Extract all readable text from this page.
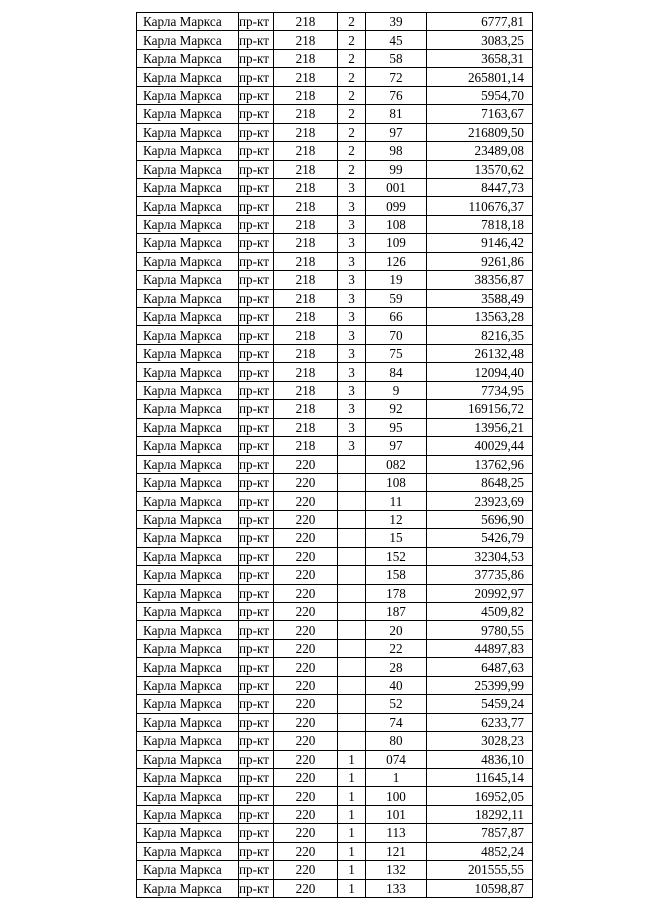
Карла Маркса	пр-кт	218	2	39	6777,81
Карла Маркса	пр-кт	218	2	45	3083,25
Карла Маркса	пр-кт	218	2	58	3658,31
Карла Маркса	пр-кт	218	2	72	265801,14
Карла Маркса	пр-кт	218	2	76	5954,70
Карла Маркса	пр-кт	218	2	81	7163,67
Карла Маркса	пр-кт	218	2	97	216809,50
Карла Маркса	пр-кт	218	2	98	23489,08
Карла Маркса	пр-кт	218	2	99	13570,62
Карла Маркса	пр-кт	218	3	001	8447,73
Карла Маркса	пр-кт	218	3	099	110676,37
Карла Маркса	пр-кт	218	3	108	7818,18
Карла Маркса	пр-кт	218	3	109	9146,42
Карла Маркса	пр-кт	218	3	126	9261,86
Карла Маркса	пр-кт	218	3	19	38356,87
Карла Маркса	пр-кт	218	3	59	3588,49
Карла Маркса	пр-кт	218	3	66	13563,28
Карла Маркса	пр-кт	218	3	70	8216,35
Карла Маркса	пр-кт	218	3	75	26132,48
Карла Маркса	пр-кт	218	3	84	12094,40
Карла Маркса	пр-кт	218	3	9	7734,95
Карла Маркса	пр-кт	218	3	92	169156,72
Карла Маркса	пр-кт	218	3	95	13956,21
Карла Маркса	пр-кт	218	3	97	40029,44
Карла Маркса	пр-кт	220		082	13762,96
Карла Маркса	пр-кт	220		108	8648,25
Карла Маркса	пр-кт	220		11	23923,69
Карла Маркса	пр-кт	220		12	5696,90
Карла Маркса	пр-кт	220		15	5426,79
Карла Маркса	пр-кт	220		152	32304,53
Карла Маркса	пр-кт	220		158	37735,86
Карла Маркса	пр-кт	220		178	20992,97
Карла Маркса	пр-кт	220		187	4509,82
Карла Маркса	пр-кт	220		20	9780,55
Карла Маркса	пр-кт	220		22	44897,83
Карла Маркса	пр-кт	220		28	6487,63
Карла Маркса	пр-кт	220		40	25399,99
Карла Маркса	пр-кт	220		52	5459,24
Карла Маркса	пр-кт	220		74	6233,77
Карла Маркса	пр-кт	220		80	3028,23
Карла Маркса	пр-кт	220	1	074	4836,10
Карла Маркса	пр-кт	220	1	1	11645,14
Карла Маркса	пр-кт	220	1	100	16952,05
Карла Маркса	пр-кт	220	1	101	18292,11
Карла Маркса	пр-кт	220	1	113	7857,87
Карла Маркса	пр-кт	220	1	121	4852,24
Карла Маркса	пр-кт	220	1	132	201555,55
Карла Маркса	пр-кт	220	1	133	10598,87
